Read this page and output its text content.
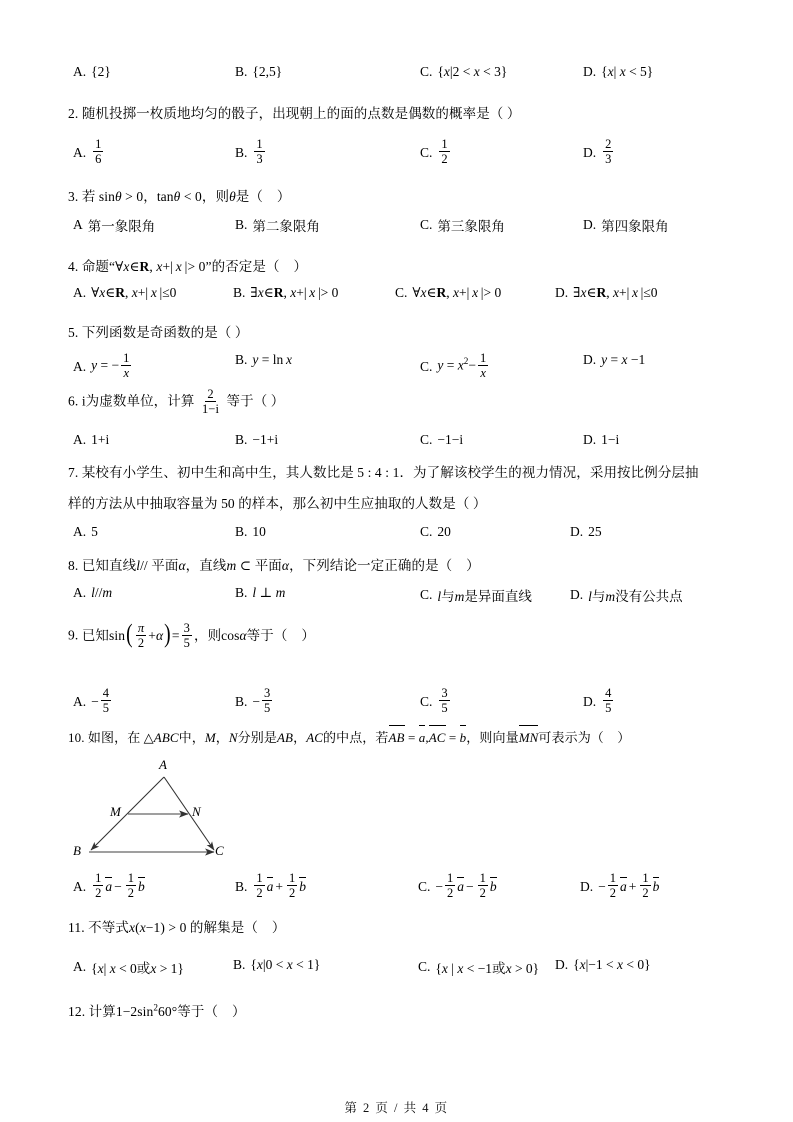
A. {2}	B. {2,5}	C. {x|2 < x < 3}	D. {x| x < 5}
2. 随机投掷一枚质地均匀的骰子，出现朝上的面的点数是偶数的概率是（ ）
A. $\frac{1}{6}$	B. $\frac{1}{3}$	C. $\frac{1}{2}$	D. $\frac{2}{3}$
3. 若 sinθ > 0，tanθ < 0，则θ是（    ）
A 第一象限角	B. 第二象限角	C. 第三象限角	D. 第四象限角
4. 命题“∀x∈R, x+| x |> 0”的否定是（    ）
A. ∀x∈R, x+| x |≤0	B. ∃x∈R, x+| x |> 0	C. ∀x∈R, x+| x |> 0	D. ∃x∈R, x+| x |≤0
5. 下列函数是奇函数的是（ ）
A. y = − $\frac{1}{x}$	B. y = ln  x	C. $y = x^2- \frac{1}{x}$	D. y = x −1
6. i为虚数单位，计算 $\frac{2}{1-i}$ 等于（ ）
A. 1+i	B. −1+i	C. −1−i	D. 1−i
7. 某校有小学生、初中生和高中生，其人数比是 5 : 4 : 1．为了解该校学生的视力情况，采用按比例分层抽
样的方法从中抽取容量为 50 的样本，那么初中生应抽取的人数是（ ）
A. 5	B. 10	C. 20	D. 25
8. 已知直线l// 平面α，直线m ⊂ 平面α，下列结论一定正确的是（    ）
A. l//m	B. l ⊥ m	C. l与m是异面直线	D. l与m没有公共点
9. 已知$\sin( \frac{\pi}{2} +\alpha)= \frac{3}{5}$ ，则cosα等于（    ）
A. − $\frac{4}{5}$	B. − $\frac{3}{5}$	C. $\frac{3}{5}$	D. $\frac{4}{5}$
10. 如图，在 △ABC中，M，N分别是AB，AC的中点，若AB = a,AC = b，则向量MN可表示为（    ）
A
B	C
M	N
A. $\frac{1}{2}$ $a - \frac{1}{2}$ b	B. $\frac{1}{2}$ $a + \frac{1}{2}$ b	C. − $\frac{1}{2}$ $a - \frac{1}{2}$ b	D. − $\frac{1}{2}$ $a + \frac{1}{2}$ b
11. 不等式x(x−1) > 0 的解集是（    ）
A. {x| x < 0或x > 1}	B. {x|0 < x < 1}	C. {x | x < −1或x > 0} D. {x|−1 < x < 0}
12. 计算$1-2\sin^260^\circ$等于（    ）
第 2 页 / 共 4 页
